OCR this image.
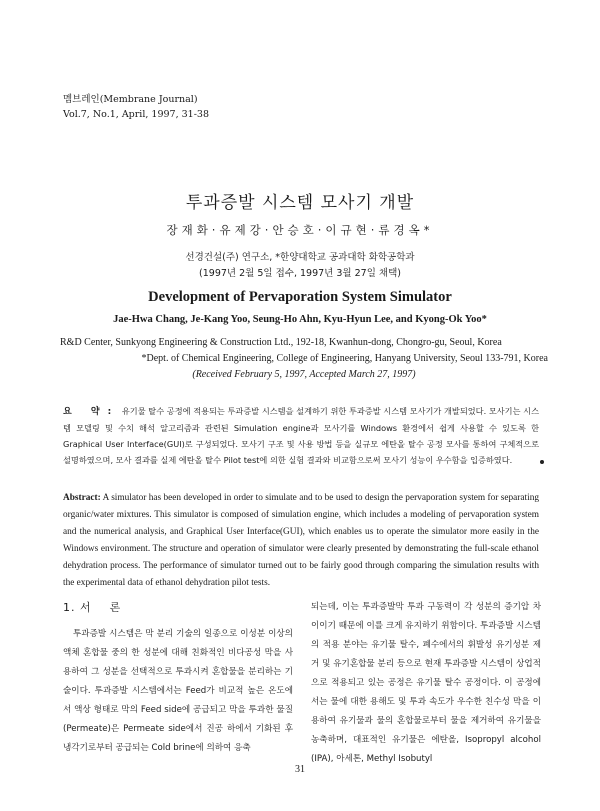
멤브레인(Membrane Journal)
Vol.7, No.1, April, 1997, 31-38
투과증발 시스템 모사기 개발
장재화·유제강·안승호·이규현·류경옥*
선경건설(주) 연구소, *한양대학교 공과대학 화학공학과
(1997년 2월 5일 접수, 1997년 3월 27일 채택)
Development of Pervaporation System Simulator
Jae-Hwa Chang, Je-Kang Yoo, Seung-Ho Ahn, Kyu-Hyun Lee, and Kyong-Ok Yoo*
R&D Center, Sunkyong Engineering & Construction Ltd., 192-18, Kwanhun-dong, Chongro-gu, Seoul, Korea
*Dept. of Chemical Engineering, College of Engineering, Hanyang University, Seoul 133-791, Korea
(Received February 5, 1997, Accepted March 27, 1997)
요 약: 유기물 탈수 공정에 적용되는 투과증발 시스템을 설계하기 위한 투과증발 시스템 모사기가 개발되었다. 모사기는 시스템 모델링 및 수치 해석 알고리즘과 관련된 Simulation engine과 모사기를 Windows 환경에서 쉽게 사용할 수 있도록 한 Graphical User Interface(GUI)로 구성되었다. 모사기 구조 및 사용 방법 등을 실규모 에탄올 탈수 공정 모사를 통하여 구체적으로 설명하였으며, 모사 결과를 실제 에탄올 탈수 Pilot test에 의한 실험 결과와 비교함으로써 모사기 성능이 우수함을 입증하였다.
Abstract: A simulator has been developed in order to simulate and to be used to design the pervaporation system for separating organic/water mixtures. This simulator is composed of simulation engine, which includes a modeling of pervaporation system and the numerical analysis, and Graphical User Interface(GUI), which enables us to operate the simulator more easily in the Windows environment. The structure and operation of simulator were clearly presented by demonstrating the full-scale ethanol dehydration process. The performance of simulator turned out to be fairly good through comparing the simulation results with the experimental data of ethanol dehydration pilot tests.
1. 서 론
투과증발 시스템은 막 분리 기술의 일종으로 이성분 이상의 액체 혼합물 중의 한 성분에 대해 친화적인 비다공성 막을 사용하여 그 성분을 선택적으로 투과시켜 혼합물을 분리하는 기술이다. 투과증발 시스템에서는 Feed가 비교적 높은 온도에서 액상 형태로 막의 Feed side에 공급되고 막을 투과한 물질(Permeate)은 Permeate side에서 진공 하에서 기화된 후 냉각기로부터 공급되는 Cold brine에 의하여 응축
되는데, 이는 투과증발막 투과 구동력이 각 성분의 증기압 차이이기 때문에 이를 크게 유지하기 위함이다. 투과증발 시스템의 적용 분야는 유기물 탈수, 폐수에서의 휘발성 유기성분 제거 및 유기혼합물 분리 등으로 현재 투과증발 시스템이 상업적으로 적용되고 있는 공정은 유기물 탈수 공정이다. 이 공정에서는 물에 대한 용해도 및 투과 속도가 우수한 친수성 막을 이용하여 유기물과 물의 혼합물로부터 물을 제거하여 유기물을 농축하며, 대표적인 유기물은 에탄올, Isopropyl alcohol (IPA), 아세톤, Methyl Isobutyl
31
